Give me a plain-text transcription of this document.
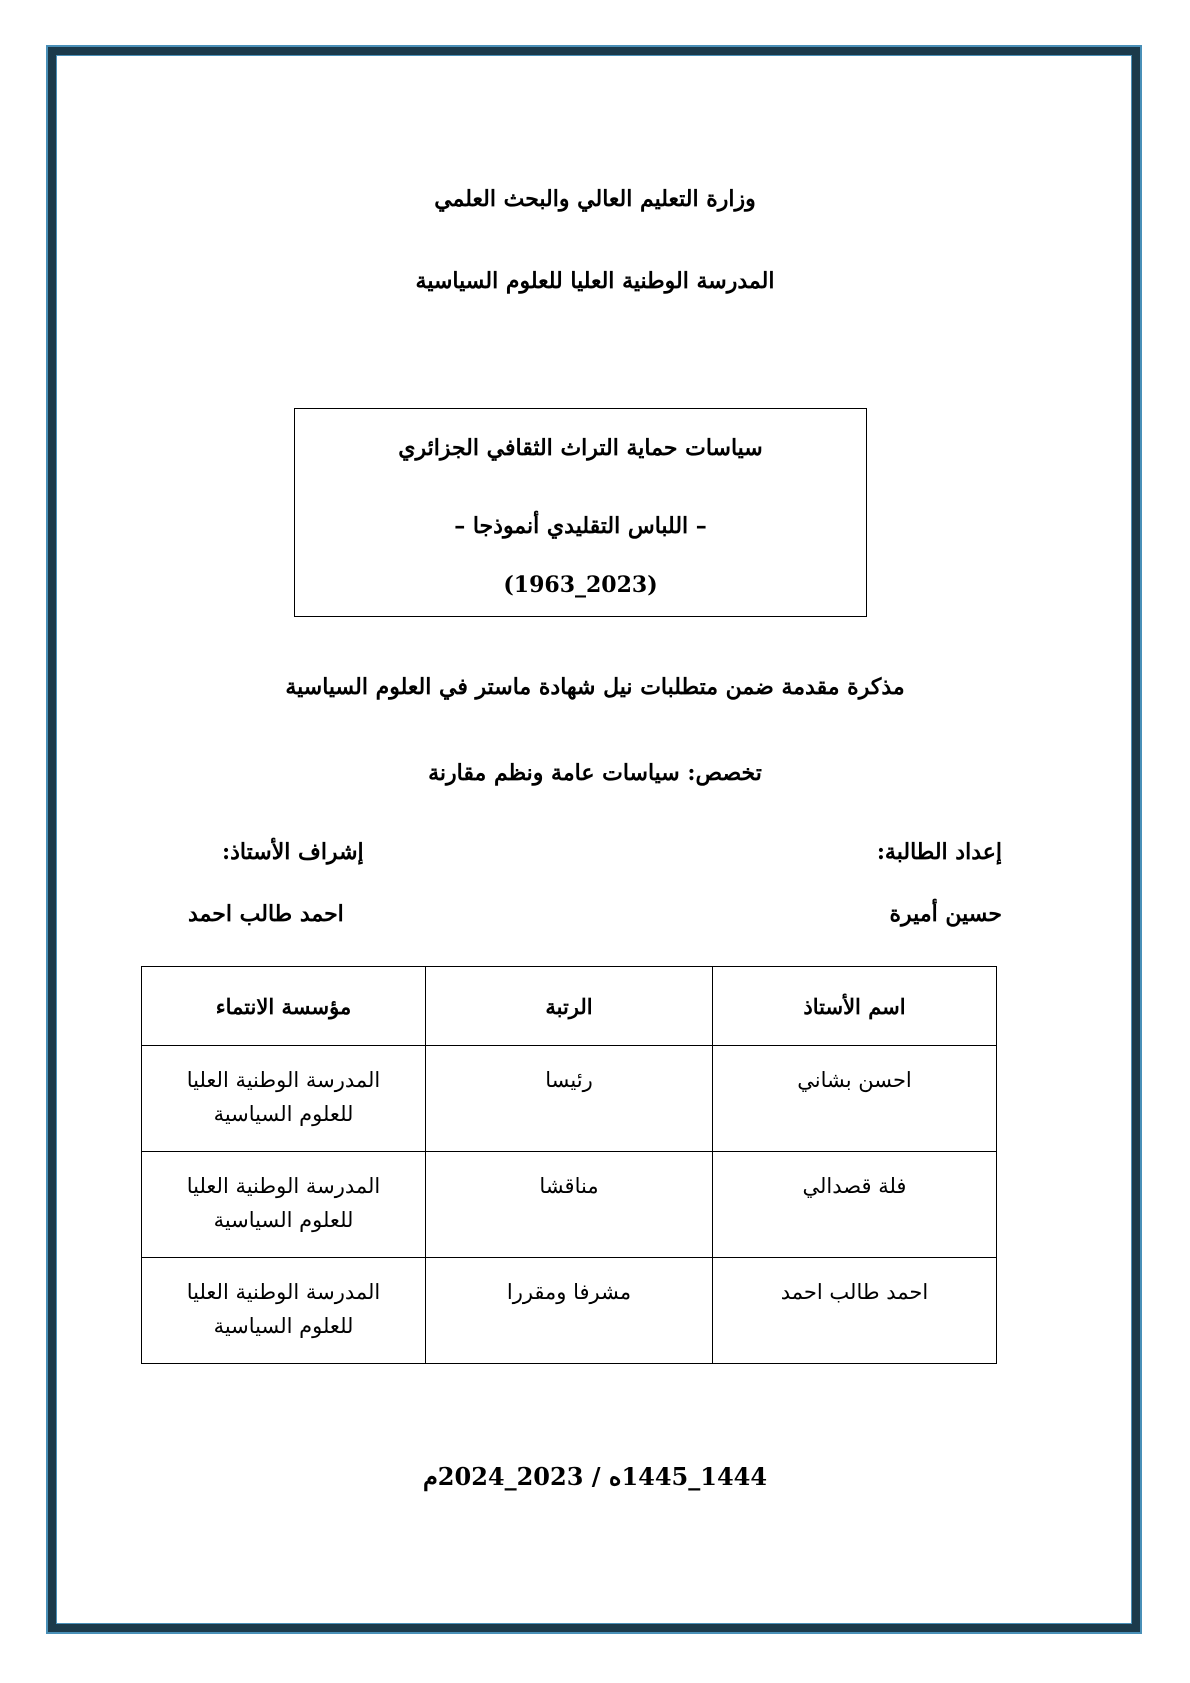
وزارة التعليم العالي والبحث العلمي
المدرسة الوطنية العليا للعلوم السياسية
سياسات حماية التراث الثقافي الجزائري
– اللباس التقليدي أنموذجا –
(1963_2023)
مذكرة مقدمة ضمن متطلبات نيل شهادة ماستر في العلوم السياسية
تخصص: سياسات عامة ونظم مقارنة
إعداد الطالبة:
إشراف الأستاذ:
حسين أميرة
احمد طالب احمد
اسم الأستاذ	الرتبة	مؤسسة الانتماء
احسن بشاني	رئيسا	المدرسة الوطنية العليا
للعلوم السياسية

فلة قصدالي	مناقشا	المدرسة الوطنية العليا
للعلوم السياسية

احمد طالب احمد	مشرفا ومقررا	المدرسة الوطنية العليا
للعلوم السياسية
1444_1445ه / 2023_2024م
